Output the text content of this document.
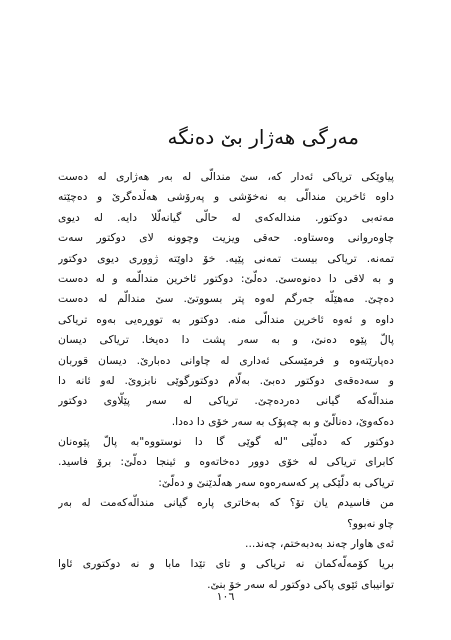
مەرگی هەژار بێ دەنگە
پیاوێکی تریاکی ئەدار کە، سێ مندالّی لە بەر هەژاری لە دەست
داوە ئاخرین مندالّی بە نەخۆشی و پەرۆشی هەڵدەگرێ و دەچێتە
مەتەبی دوکتور. مندالەکەی لە حالّی گیانەلّلا دایە. لە دیوی
چاوەروانی وەستاوە. حەقی ویزیت وچوونە لای دوکتور سەت
تمەنە. تریاکی بیست تمەنی پێیە. خۆ داوێتە ژووری دیوی دوکتور
و بە لاقی دا دەنوەسێ. دەلّێ: دوکتور ئاخرین مندالّمە و لە دەست
دەچێ. مەهێلّە جەرگم لەوە پتر بسووتێ. سێ مندالّم لە دەست
داوە و ئەوە ئاخرین مندالّی منە. دوکتور بە تووڕەیی بەوە تریاکی
پالّ پێوە دەنێ، و بە سەر پشت دا دەیخا. تریاکی دیسان
دەپارێتەوە و فرمێسکی ئەداری لە چاوانی دەبارێ. دیسان قوربان
و سەدەقەی دوکتور دەبێ. بەلّام دوکتورگوێی نابزوێ. لەو ئانە دا
مندالّەکە گیانی دەردەچێ. تریاکی لە سەر پێلّاوی دوکتور
دەکەوێ، دەنالّێ و بە چەپۆک بە سەر خۆی دا دەدا.
دوکتور کە دەلّێی "لە گوێی گا دا نوستووە"بە پالّ پێوەنان
کابرای تریاکی لە خۆی دوور دەخاتەوە و ئینجا دەلّێ: برۆ فاسید.
تریاکی بە دلّێکی پر کەسەرەوە سەر هەلّدێنێ و دەلّێ:
من فاسیدم یان تۆ؟ کە بەخاتری پارە گیانی مندالّەکەمت لە بەر
چاو نەبوو؟
ئەی هاوار چەند بەدبەختم، چەند...
بریا کۆمەلّەکمان نە تریاکی و تای تێدا مابا و نە دوکتوری ئاوا
توانیبای ئێوی پاکی دوکتور لە سەر خۆ بنێ.
١٠٦
